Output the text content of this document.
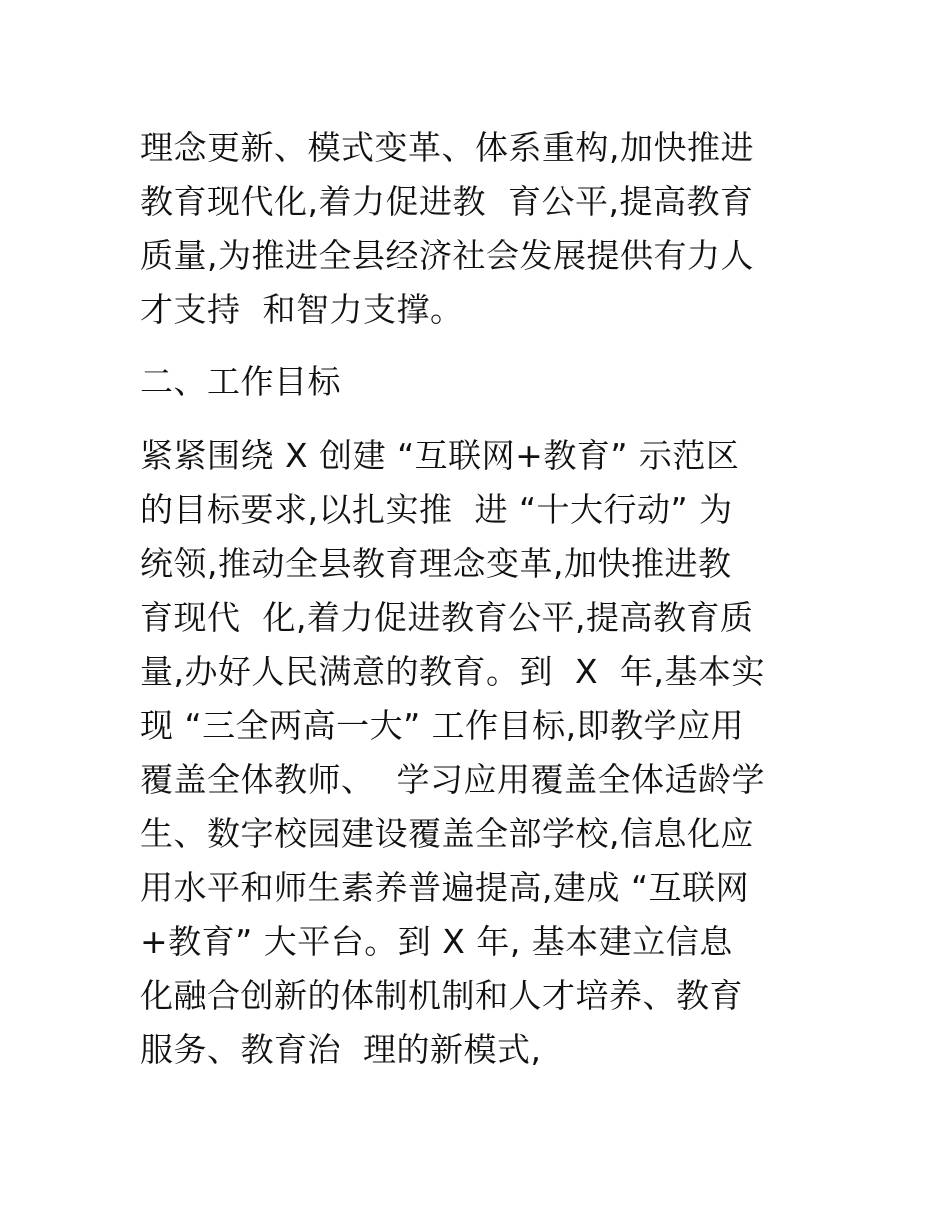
理念更新、模式变革、体系重构,加快推进
教育现代化,着力促进教  育公平,提高教育
质量,为推进全县经济社会发展提供有力人
才支持  和智力支撑。
二、工作目标
紧紧围绕 X 创建 “互联网+教育” 示范区
的目标要求,以扎实推  进 “十大行动” 为
统领,推动全县教育理念变革,加快推进教
育现代  化,着力促进教育公平,提高教育质
量,办好人民满意的教育。到  X  年,基本实
现 “三全两高一大” 工作目标,即教学应用
覆盖全体教师、  学习应用覆盖全体适龄学
生、数字校园建设覆盖全部学校,信息化应
用水平和师生素养普遍提高,建成 “互联网
+教育” 大平台。到 X 年, 基本建立信息
化融合创新的体制机制和人才培养、教育
服务、教育治  理的新模式,
